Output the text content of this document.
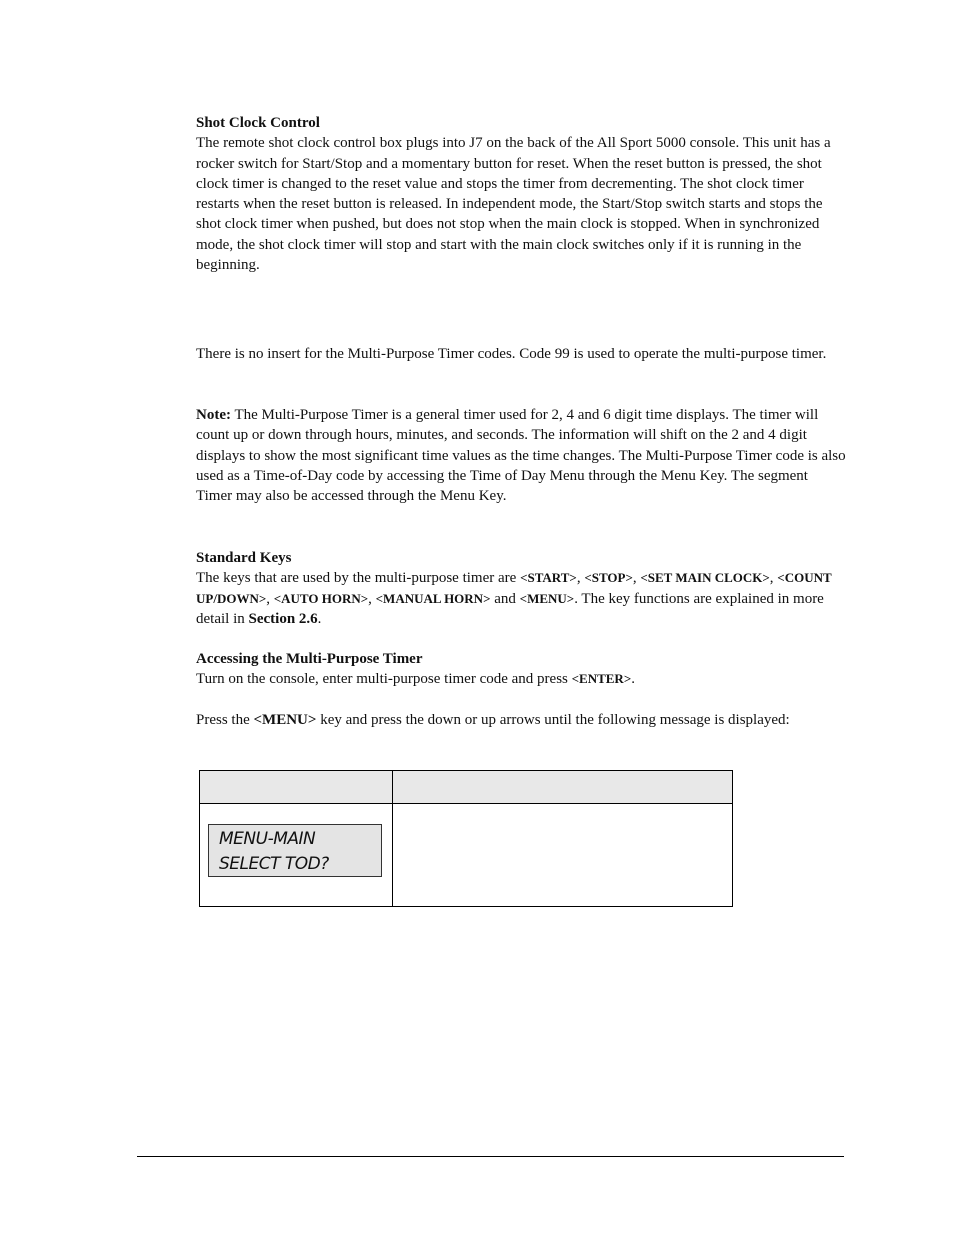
Shot Clock Control
The remote shot clock control box plugs into J7 on the back of the All Sport 5000 console. This unit has a rocker switch for Start/Stop and a momentary button for reset. When the reset button is pressed, the shot clock timer is changed to the reset value and stops the timer from decrementing. The shot clock timer restarts when the reset button is released. In independent mode, the Start/Stop switch starts and stops the shot clock timer when pushed, but does not stop when the main clock is stopped. When in synchronized mode, the shot clock timer will stop and start with the main clock switches only if it is running in the beginning.

There is no insert for the Multi-Purpose Timer codes. Code 99 is used to operate the multi-purpose timer.

Note: The Multi-Purpose Timer is a general timer used for 2, 4 and 6 digit time displays. The timer will count up or down through hours, minutes, and seconds. The information will shift on the 2 and 4 digit displays to show the most significant time values as the time changes. The Multi-Purpose Timer code is also used as a Time-of-Day code by accessing the Time of Day Menu through the Menu Key. The segment Timer may also be accessed through the Menu Key.

Standard Keys
The keys that are used by the multi-purpose timer are <START>, <STOP>, <SET MAIN CLOCK>, <COUNT UP/DOWN>, <AUTO HORN>, <MANUAL HORN> and <MENU>. The key functions are explained in more detail in Section 2.6.

Accessing the Multi-Purpose Timer
Turn on the console, enter multi-purpose timer code and press <ENTER>.

Press the <MENU> key and press the down or up arrows until the following message is displayed:

MENU-MAIN
SELECT TOD?
